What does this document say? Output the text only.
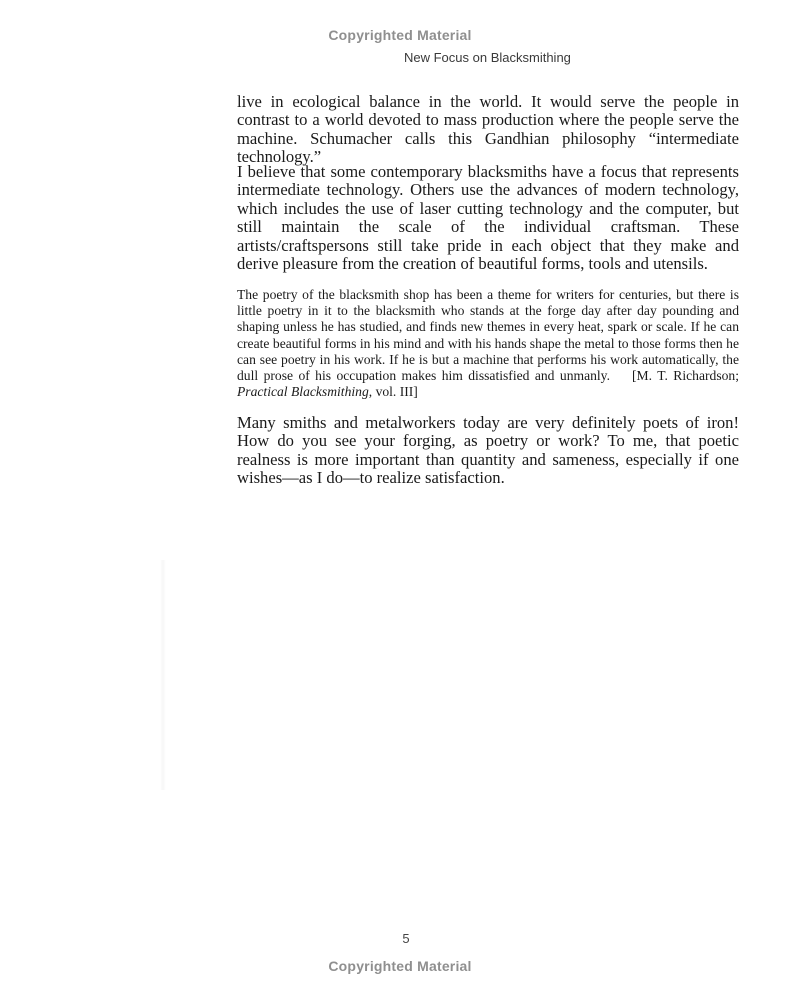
Copyrighted Material
New Focus on Blacksmithing

live in ecological balance in the world. It would serve the people in contrast to a world devoted to mass production where the people serve the machine. Schumacher calls this Gandhian philosophy “intermediate technology.”

I believe that some contemporary blacksmiths have a focus that represents intermediate technology. Others use the advances of modern technology, which includes the use of laser cutting technology and the computer, but still maintain the scale of the individual craftsman. These artists/craftspersons still take pride in each object that they make and derive pleasure from the creation of beautiful forms, tools and utensils.

The poetry of the blacksmith shop has been a theme for writers for centuries, but there is little poetry in it to the blacksmith who stands at the forge day after day pounding and shaping unless he has studied, and finds new themes in every heat, spark or scale. If he can create beautiful forms in his mind and with his hands shape the metal to those forms then he can see poetry in his work. If he is but a machine that performs his work automatically, the dull prose of his occupation makes him dissatisfied and unmanly. [M. T. Richardson; Practical Blacksmithing, vol. III]

Many smiths and metalworkers today are very definitely poets of iron! How do you see your forging, as poetry or work? To me, that poetic realness is more important than quantity and sameness, especially if one wishes—as I do—to realize satisfaction.

5
Copyrighted Material
